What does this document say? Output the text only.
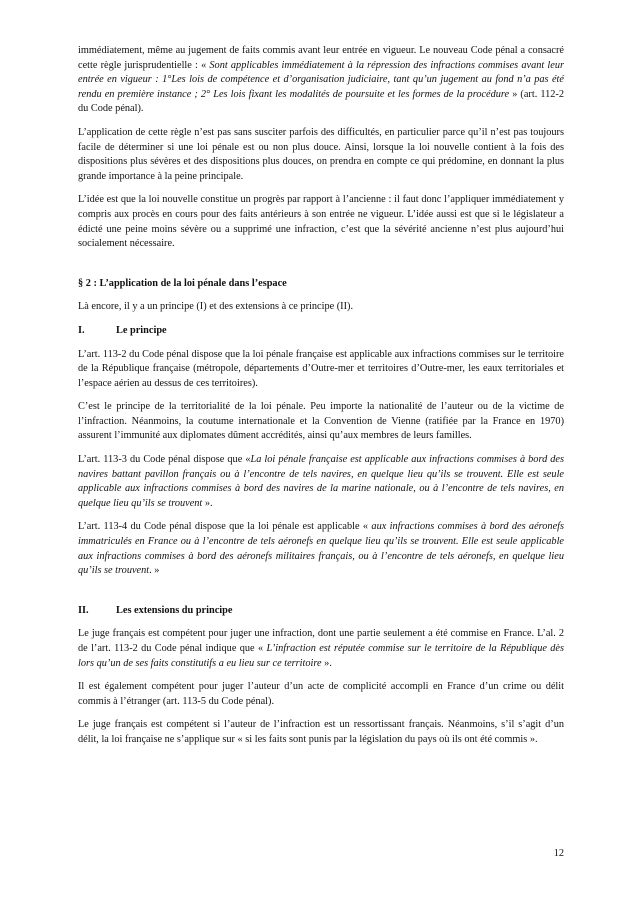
immédiatement, même au jugement de faits commis avant leur entrée en vigueur. Le nouveau Code pénal a consacré cette règle jurisprudentielle : « Sont applicables immédiatement à la répression des infractions commises avant leur entrée en vigueur : 1°Les lois de compétence et d’organisation judiciaire, tant qu’un jugement au fond n’a pas été rendu en première instance ; 2° Les lois fixant les modalités de poursuite et les formes de la procédure » (art. 112-2 du Code pénal).

L’application de cette règle n’est pas sans susciter parfois des difficultés, en particulier parce qu’il n’est pas toujours facile de déterminer si une loi pénale est ou non plus douce. Ainsi, lorsque la loi nouvelle contient à la fois des dispositions plus sévères et des dispositions plus douces, on prendra en compte ce qui prédomine, en donnant la plus grande importance à la peine principale.

L’idée est que la loi nouvelle constitue un progrès par rapport à l’ancienne : il faut donc l’appliquer immédiatement y compris aux procès en cours pour des faits antérieurs à son entrée ne vigueur. L’idée aussi est que si le législateur a édicté une peine moins sévère ou a supprimé une infraction, c’est que la sévérité ancienne n’est plus aujourd’hui socialement nécessaire.

§ 2 : L’application de la loi pénale dans l’espace

Là encore, il y a un principe (I) et des extensions à ce principe (II).

I.	Le principe

L’art. 113-2 du Code pénal dispose que la loi pénale française est applicable aux infractions commises sur le territoire de la République française (métropole, départements d’Outre-mer et territoires d’Outre-mer, les eaux territoriales et l’espace aérien au dessus de ces territoires).

C’est le principe de la territorialité de la loi pénale. Peu importe la nationalité de l’auteur ou de la victime de l’infraction. Néanmoins, la coutume internationale et la Convention de Vienne (ratifiée par la France en 1970) assurent l’immunité aux diplomates dûment accrédités, ainsi qu’aux membres de leurs familles.

L’art. 113-3 du Code pénal dispose que «La loi pénale française est applicable aux infractions commises à bord des navires battant pavillon français ou à l’encontre de tels navires, en quelque lieu qu’ils se trouvent. Elle est seule applicable aux infractions commises à bord des navires de la marine nationale, ou à l’encontre de tels navires, en quelque lieu qu’ils se trouvent ».

L’art. 113-4 du Code pénal dispose que la loi pénale est applicable « aux infractions commises à bord des aéronefs immatriculés en France ou à l’encontre de tels aéronefs en quelque lieu qu’ils se trouvent. Elle est seule applicable aux infractions commises à bord des aéronefs militaires français, ou à l’encontre de tels aéronefs, en quelque lieu qu’ils se trouvent. »

II.	Les extensions du principe

Le juge français est compétent pour juger une infraction, dont une partie seulement a été commise en France. L’al. 2 de l’art. 113-2 du Code pénal indique que « L’infraction est réputée commise sur le territoire de la République dès lors qu’un de ses faits constitutifs a eu lieu sur ce territoire ».

Il est également compétent pour juger l’auteur d’un acte de complicité accompli en France d’un crime ou délit commis à l’étranger (art. 113-5 du Code pénal).

Le juge français est compétent si l’auteur de l’infraction est un ressortissant français. Néanmoins, s’il s’agit d’un délit, la loi française ne s’applique sur « si les faits sont punis par la législation du pays où ils ont été commis ».

12
